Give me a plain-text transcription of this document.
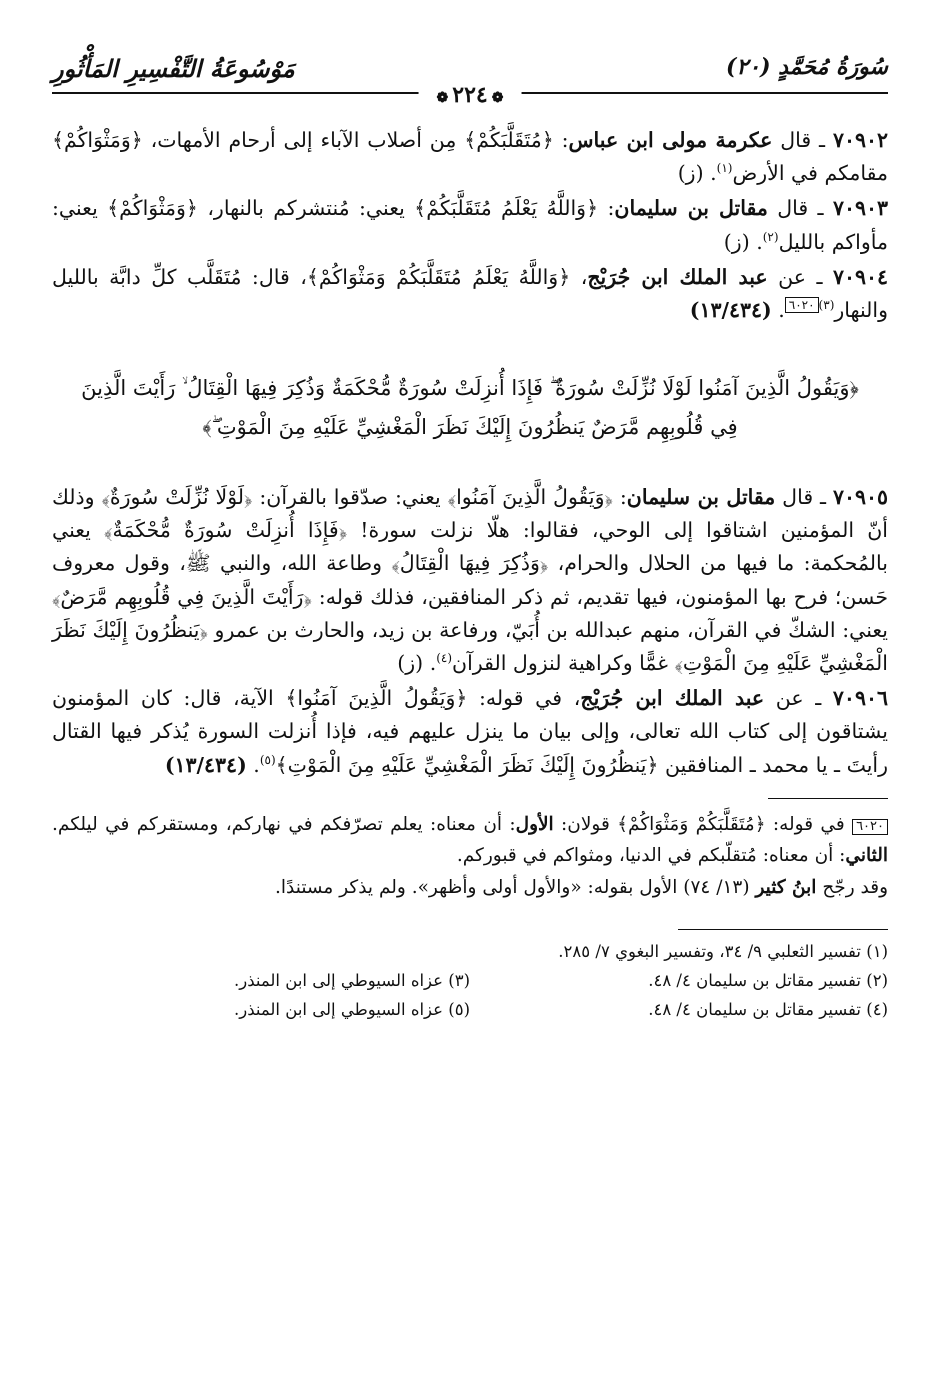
سُورَةُ مُحَمَّدٍ (٢٠)
مَوْسُوعَةُ التَّفْسِيرِ المَأْثُورِ
❁٢٢٤❁

٧٠٩٠٢ ـ قال عكرمة مولى ابن عباس: ﴿مُتَقَلَّبَكُمْ﴾ مِن أصلاب الآباء إلى أرحام الأمهات، ﴿وَمَثْوَاكُمْ﴾ مقامكم في الأرض$^{(١)}$. (ز)

٧٠٩٠٣ ـ قال مقاتل بن سليمان: ﴿وَاللَّهُ يَعْلَمُ مُتَقَلَّبَكُمْ﴾ يعني: مُنتشركم بالنهار، ﴿وَمَثْوَاكُمْ﴾ يعني: مأواكم بالليل$^{(٢)}$. (ز)

٧٠٩٠٤ ـ عن عبد الملك ابن جُرَيْج، ﴿وَاللَّهُ يَعْلَمُ مُتَقَلَّبَكُمْ وَمَثْوَاكُمْ﴾، قال: مُتَقَلَّب كلِّ دابَّة بالليل والنهار$^{(٣)}$٦٠٢٠. (١٣/٤٣٤)

﴿وَيَقُولُ الَّذِينَ آمَنُوا لَوْلَا نُزِّلَتْ سُورَةٌ ۖ فَإِذَا أُنزِلَتْ سُورَةٌ مُّحْكَمَةٌ وَذُكِرَ فِيهَا الْقِتَالُ ۙ رَأَيْتَ الَّذِينَ فِي قُلُوبِهِم مَّرَضٌ يَنظُرُونَ إِلَيْكَ نَظَرَ الْمَغْشِيِّ عَلَيْهِ مِنَ الْمَوْتِ ۖ﴾

٧٠٩٠٥ ـ قال مقاتل بن سليمان: ﴿وَيَقُولُ الَّذِينَ آمَنُوا﴾ يعني: صدّقوا بالقرآن: ﴿لَوْلَا نُزِّلَتْ سُورَةٌ﴾ وذلك أنّ المؤمنين اشتاقوا إلى الوحي، فقالوا: هلّا نزلت سورة! ﴿فَإِذَا أُنزِلَتْ سُورَةٌ مُّحْكَمَةٌ﴾ يعني بالمُحكمة: ما فيها من الحلال والحرام، ﴿وَذُكِرَ فِيهَا الْقِتَالُ﴾ وطاعة الله، والنبي ﷺ، وقول معروف حَسن؛ فرح بها المؤمنون، فيها تقديم، ثم ذكر المنافقين، فذلك قوله: ﴿رَأَيْتَ الَّذِينَ فِي قُلُوبِهِم مَّرَضٌ﴾ يعني: الشكّ في القرآن، منهم عبدالله بن أُبَيّ، ورفاعة بن زيد، والحارث بن عمرو ﴿يَنظُرُونَ إِلَيْكَ نَظَرَ الْمَغْشِيِّ عَلَيْهِ مِنَ الْمَوْتِ﴾ غمًّا وكراهية لنزول القرآن$^{(٤)}$. (ز)

٧٠٩٠٦ ـ عن عبد الملك ابن جُرَيْج، في قوله: ﴿وَيَقُولُ الَّذِينَ آمَنُوا﴾ الآية، قال: كان المؤمنون يشتاقون إلى كتاب الله تعالى، وإلى بيان ما ينزل عليهم فيه، فإذا أُنزلت السورة يُذكر فيها القتال رأيتَ ـ يا محمد ـ المنافقين ﴿يَنظُرُونَ إِلَيْكَ نَظَرَ الْمَغْشِيِّ عَلَيْهِ مِنَ الْمَوْتِ﴾$^{(٥)}$. (١٣/٤٣٤)

٦٠٢٠ في قوله: ﴿مُتَقَلَّبَكُمْ وَمَثْوَاكُمْ﴾ قولان: الأول: أن معناه: يعلم تصرّفكم في نهاركم، ومستقركم في ليلكم. الثاني: أن معناه: مُتقلّبكم في الدنيا، ومثواكم في قبوركم.
وقد رجّح ابنُ كثير (١٣/ ٧٤) الأول بقوله: «والأول أولى وأظهر». ولم يذكر مستندًا.
(١) تفسير الثعلبي ٩/ ٣٤، وتفسير البغوي ٧/ ٢٨٥.
(٢) تفسير مقاتل بن سليمان ٤/ ٤٨.
(٣) عزاه السيوطي إلى ابن المنذر.
(٤) تفسير مقاتل بن سليمان ٤/ ٤٨.
(٥) عزاه السيوطي إلى ابن المنذر.
